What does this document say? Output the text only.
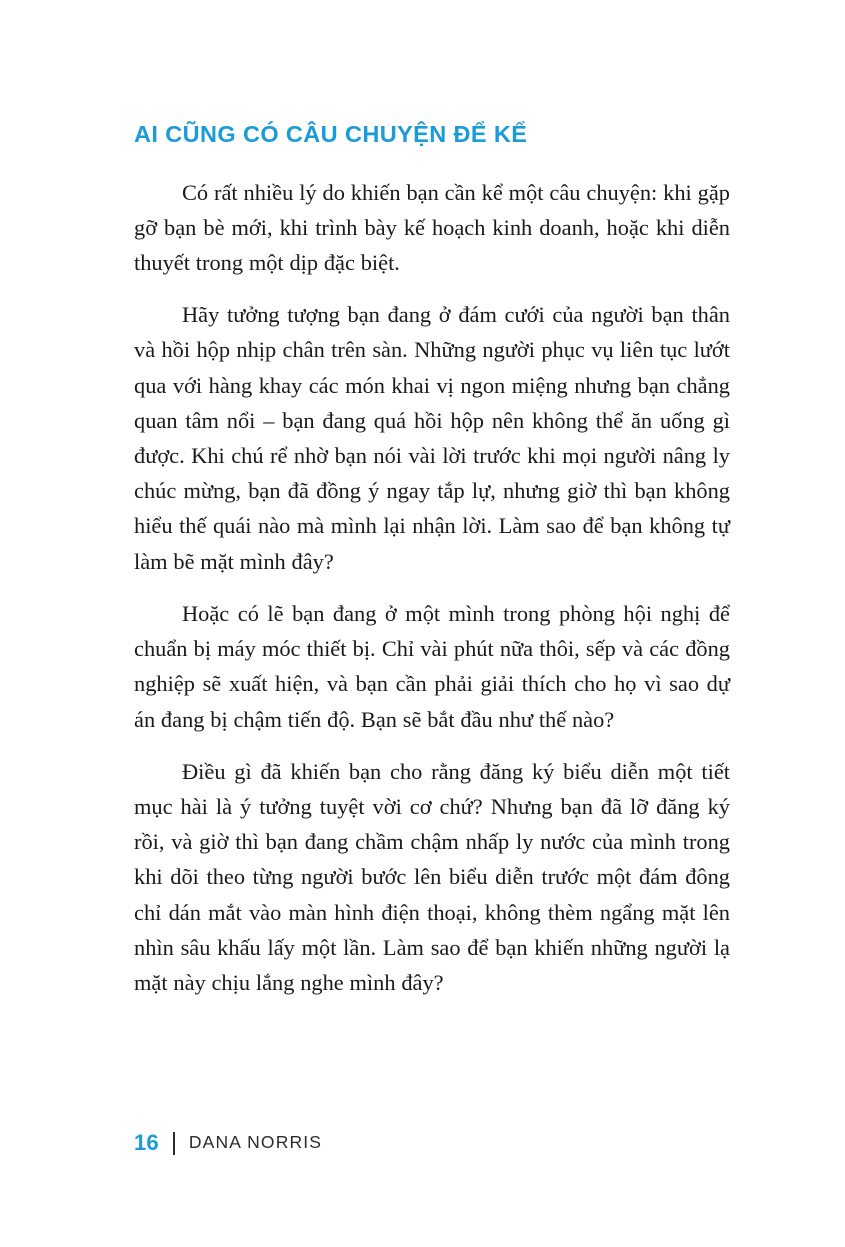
AI CŨNG CÓ CÂU CHUYỆN ĐỂ KỂ

Có rất nhiều lý do khiến bạn cần kể một câu chuyện: khi gặp gỡ bạn bè mới, khi trình bày kế hoạch kinh doanh, hoặc khi diễn thuyết trong một dịp đặc biệt.

Hãy tưởng tượng bạn đang ở đám cưới của người bạn thân và hồi hộp nhịp chân trên sàn. Những người phục vụ liên tục lướt qua với hàng khay các món khai vị ngon miệng nhưng bạn chẳng quan tâm nổi – bạn đang quá hồi hộp nên không thể ăn uống gì được. Khi chú rể nhờ bạn nói vài lời trước khi mọi người nâng ly chúc mừng, bạn đã đồng ý ngay tắp lự, nhưng giờ thì bạn không hiểu thế quái nào mà mình lại nhận lời. Làm sao để bạn không tự làm bẽ mặt mình đây?

Hoặc có lẽ bạn đang ở một mình trong phòng hội nghị để chuẩn bị máy móc thiết bị. Chỉ vài phút nữa thôi, sếp và các đồng nghiệp sẽ xuất hiện, và bạn cần phải giải thích cho họ vì sao dự án đang bị chậm tiến độ. Bạn sẽ bắt đầu như thế nào?

Điều gì đã khiến bạn cho rằng đăng ký biểu diễn một tiết mục hài là ý tưởng tuyệt vời cơ chứ? Nhưng bạn đã lỡ đăng ký rồi, và giờ thì bạn đang chầm chậm nhấp ly nước của mình trong khi dõi theo từng người bước lên biểu diễn trước một đám đông chỉ dán mắt vào màn hình điện thoại, không thèm ngẩng mặt lên nhìn sâu khấu lấy một lần. Làm sao để bạn khiến những người lạ mặt này chịu lắng nghe mình đây?

16 DANA NORRIS
